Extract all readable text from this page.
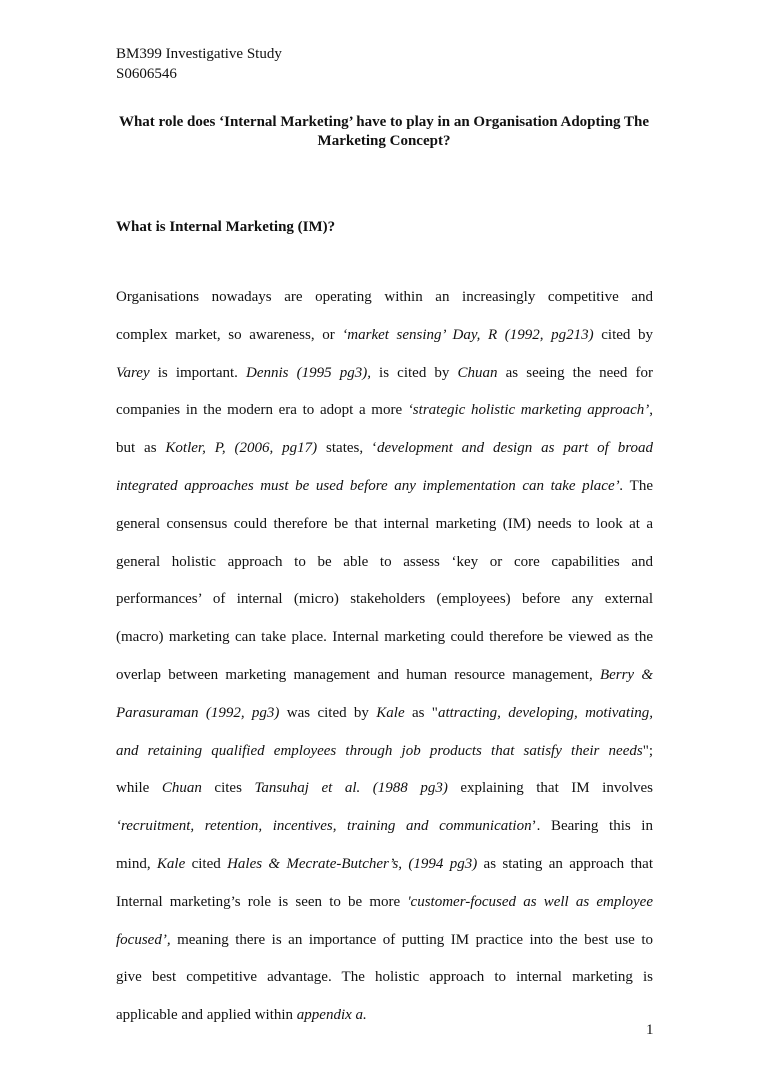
BM399 Investigative Study
S0606546
What role does ‘Internal Marketing’ have to play in an Organisation Adopting The Marketing Concept?
What is Internal Marketing (IM)?
Organisations nowadays are operating within an increasingly competitive and
complex market, so awareness, or ‘market sensing’ Day, R (1992, pg213) cited by
Varey is important. Dennis (1995 pg3), is cited by Chuan as seeing the need for
companies in the modern era to adopt a more ‘strategic holistic marketing approach’,
but as Kotler, P, (2006, pg17) states, ‘development and design as part of broad
integrated approaches must be used before any implementation can take place’. The
general consensus could therefore be that internal marketing (IM) needs to look at a
general holistic approach to be able to assess ‘key or core capabilities and
performances’ of internal (micro) stakeholders (employees) before any external
(macro) marketing can take place. Internal marketing could therefore be viewed as the
overlap between marketing management and human resource management, Berry &
Parasuraman (1992, pg3) was cited by Kale as "attracting, developing, motivating,
and retaining qualified employees through job products that satisfy their needs";
while Chuan cites Tansuhaj et al. (1988 pg3) explaining that IM involves
‘recruitment, retention, incentives, training and communication’. Bearing this in
mind, Kale cited Hales & Mecrate-Butcher’s, (1994 pg3) as stating an approach that
Internal marketing’s role is seen to be more 'customer-focused as well as employee
focused’, meaning there is an importance of putting IM practice into the best use to
give best competitive advantage. The holistic approach to internal marketing is
applicable and applied within appendix a.
1
